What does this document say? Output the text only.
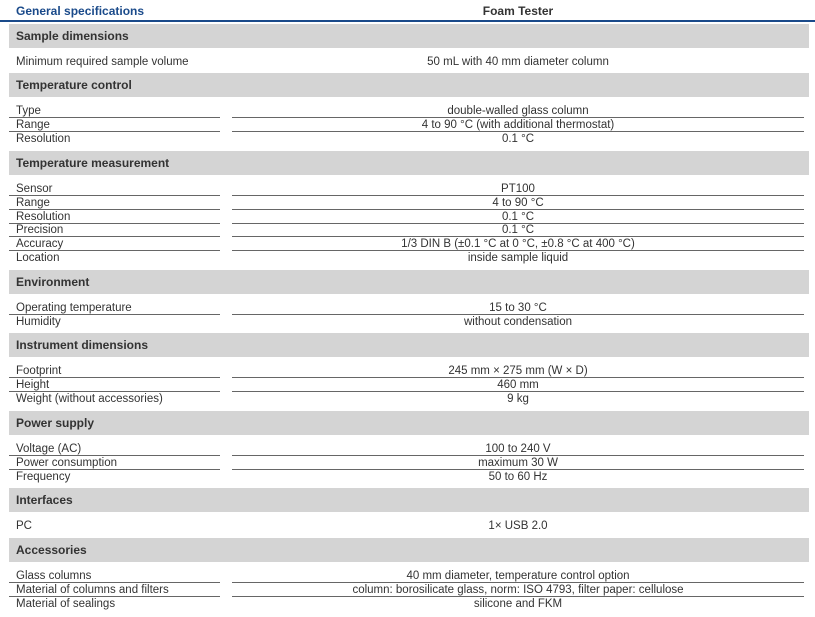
General specifications	Foam Tester
Sample dimensions
Minimum required sample volume	50 mL with 40 mm diameter column
Temperature control
Type	double-walled glass column
Range	4 to 90 °C (with additional thermostat)
Resolution	0.1 °C
Temperature measurement
Sensor	PT100
Range	4 to 90 °C
Resolution	0.1 °C
Precision	0.1 °C
Accuracy	1/3 DIN B (±0.1 °C at 0 °C, ±0.8 °C at 400 °C)
Location	inside sample liquid
Environment
Operating temperature	15 to 30 °C
Humidity	without condensation
Instrument dimensions
Footprint	245 mm × 275 mm (W × D)
Height	460 mm
Weight (without accessories)	9 kg
Power supply
Voltage (AC)	100 to 240 V
Power consumption	maximum 30 W
Frequency	50 to 60 Hz
Interfaces
PC	1× USB 2.0
Accessories
Glass columns	40 mm diameter, temperature control option
Material of columns and filters	column: borosilicate glass, norm: ISO 4793, filter paper: cellulose
Material of sealings	silicone and FKM
